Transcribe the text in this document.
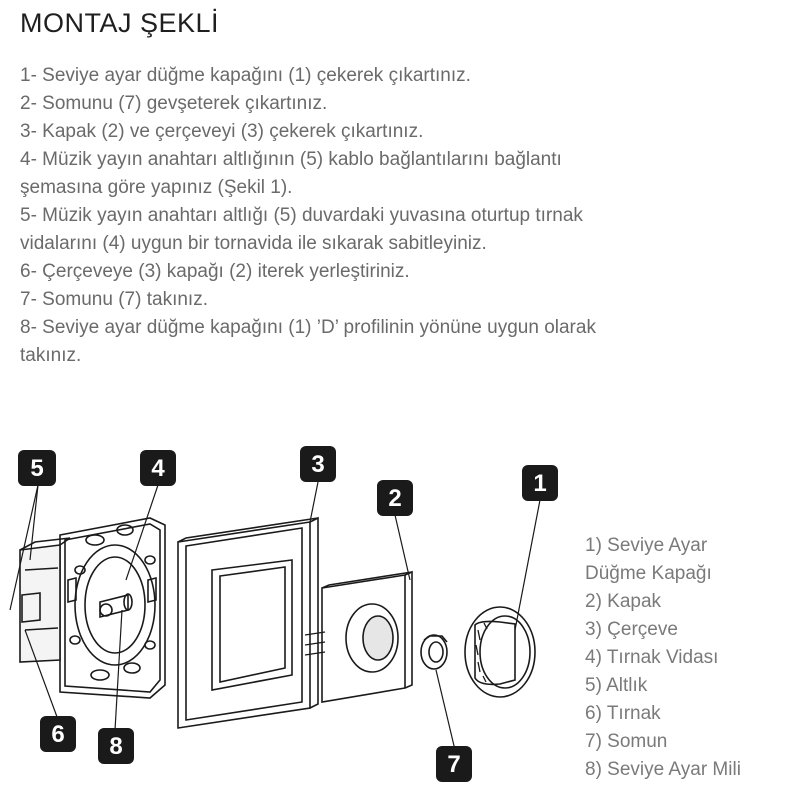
MONTAJ ŞEKLİ
1- Seviye ayar düğme kapağını (1) çekerek çıkartınız.
2- Somunu (7) gevşeterek çıkartınız.
3- Kapak (2) ve çerçeveyi (3) çekerek çıkartınız.
4- Müzik yayın anahtarı altlığının (5) kablo bağlantılarını bağlantı
şemasına göre yapınız (Şekil 1).
5- Müzik yayın anahtarı altlığı (5) duvardaki yuvasına oturtup tırnak
vidalarını (4) uygun bir tornavida ile sıkarak sabitleyiniz.
6- Çerçeveye (3) kapağı (2) iterek yerleştiriniz.
7- Somunu (7) takınız.
8- Seviye ayar düğme kapağını (1) ’D’ profilinin yönüne uygun olarak
takınız.
5	4	3
2
1
6 8
7
1) Seviye Ayar
Düğme Kapağı
2) Kapak
3) Çerçeve
4) Tırnak Vidası
5) Altlık
6) Tırnak
7) Somun
8) Seviye Ayar Mili
